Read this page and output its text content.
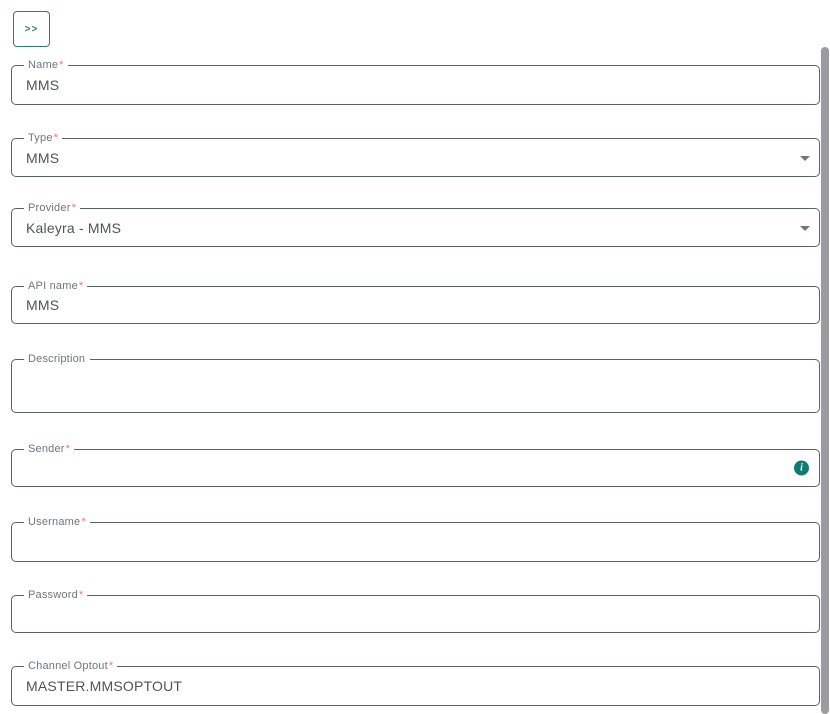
>>
Name*
MMS
Type*
MMS
Provider*
Kaleyra - MMS
API name*
MMS
Description
Sender*
i
Username*
Password*
Channel Optout*
MASTER.MMSOPTOUT
